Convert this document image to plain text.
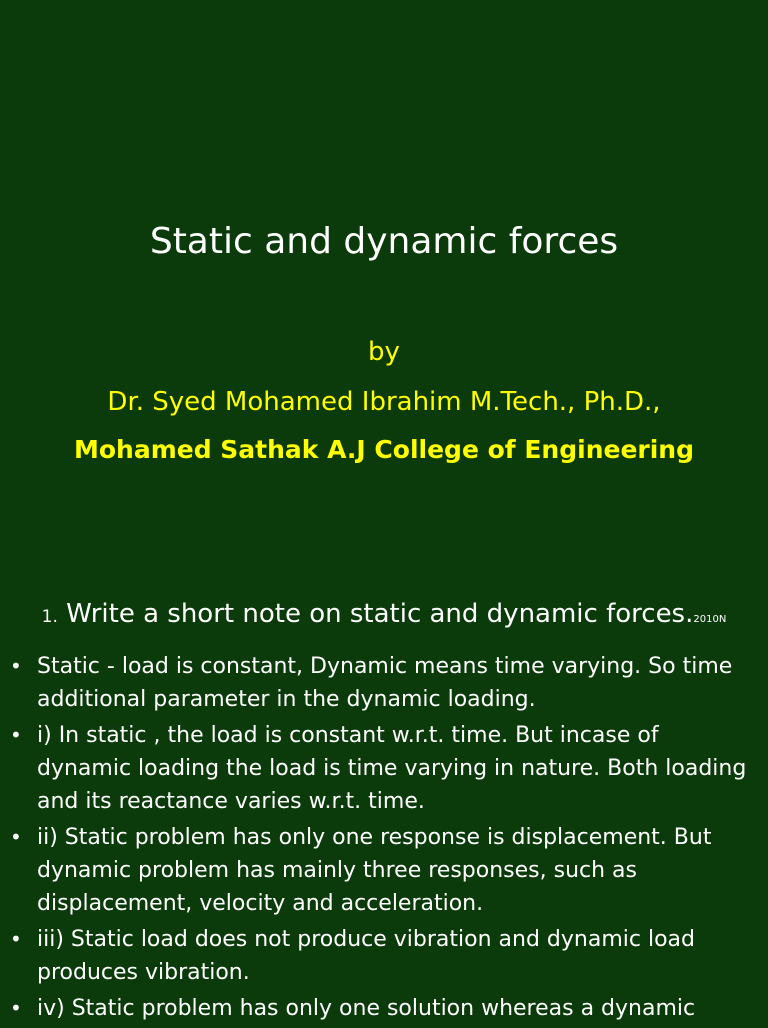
Static and dynamic forces
by
Dr. Syed Mohamed Ibrahim M.Tech., Ph.D.,
Mohamed Sathak A.J College of Engineering
1. Write a short note on static and dynamic forces.2010N
• Static - load is constant, Dynamic means time varying. So time additional parameter in the dynamic loading.
• i) In static , the load is constant w.r.t. time. But incase of dynamic loading the load is time varying in nature. Both loading and its reactance varies w.r.t. time.
• ii) Static problem has only one response is displacement. But dynamic problem has mainly three responses, such as displacement, velocity and acceleration.
• iii) Static load does not produce vibration and dynamic load produces vibration.
• iv) Static problem has only one solution whereas a dynamic
